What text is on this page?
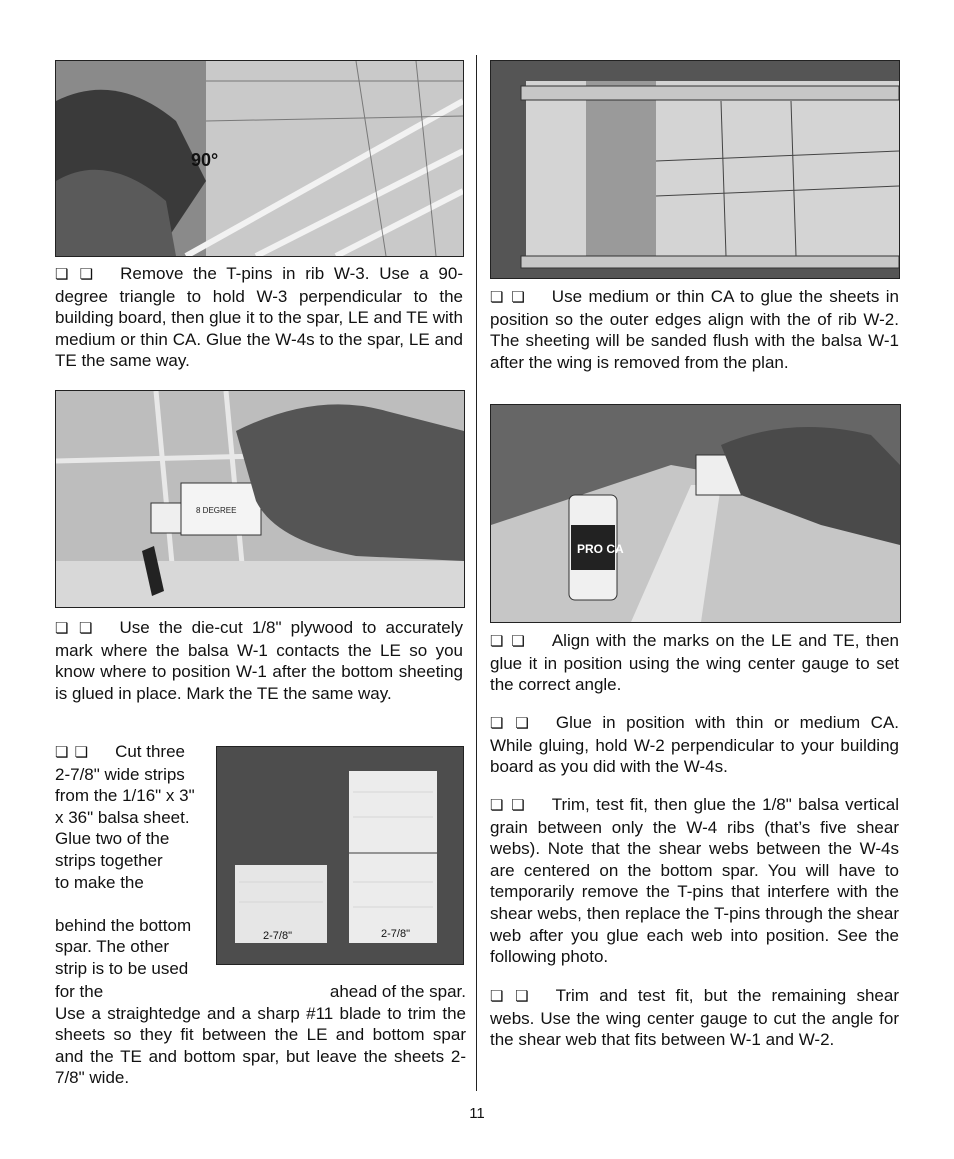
90°
❏ ❏ Remove the T-pins in rib W-3. Use a 90-degree triangle to hold W-3 perpendicular to the building board, then glue it to the spar, LE and TE with medium or thin CA. Glue the W-4s to the spar, LE and TE the same way.
8 DEGREE
❏ ❏ Use the die-cut 1/8" plywood to accurately mark where the balsa W-1 contacts the LE so you know where to position W-1 after the bottom sheeting is glued in place. Mark the TE the same way.
❏ ❏ Cut three
2-7/8" wide strips
from the 1/16" x 3"
x 36" balsa sheet.
Glue two of the
strips together
to make the
behind the bottom
spar. The other
strip is to be used
2-7/8"	2-7/8"
for the	ahead of the spar.
Use a straightedge and a sharp #11 blade to trim the sheets so they fit between the LE and bottom spar and the TE and bottom spar, but leave the sheets 2-7/8" wide.
❏ ❏ Use medium or thin CA to glue the sheets in position so the outer edges align with the of rib W-2. The sheeting will be sanded flush with the balsa W-1 after the wing is removed from the plan.
PRO CA
❏ ❏ Align with the marks on the LE and TE, then glue it in position using the wing center gauge to set the correct angle.
❏ ❏ Glue in position with thin or medium CA. While gluing, hold W-2 perpendicular to your building board as you did with the W-4s.
❏ ❏ Trim, test fit, then glue the 1/8" balsa vertical grain between only the W-4 ribs (that’s five shear webs). Note that the shear webs between the W-4s are centered on the bottom spar. You will have to temporarily remove the T-pins that interfere with the shear webs, then replace the T-pins through the shear web after you glue each web into position. See the following photo.
❏ ❏ Trim and test fit, but the remaining shear webs. Use the wing center gauge to cut the angle for the shear web that fits between W-1 and W-2.
11
